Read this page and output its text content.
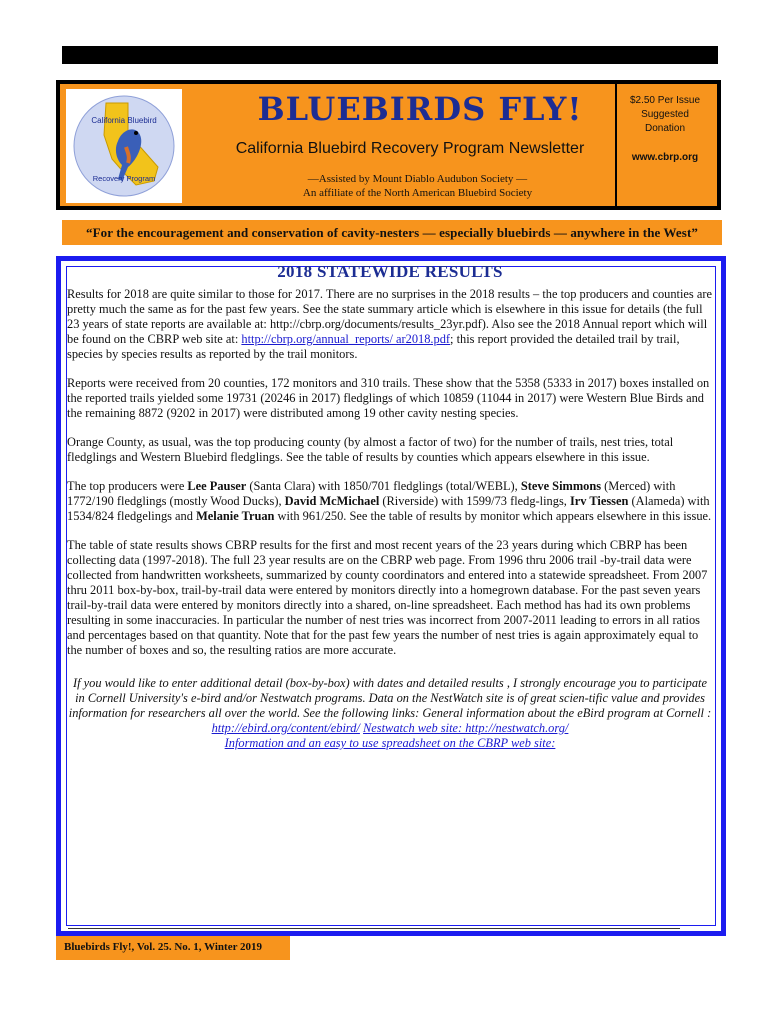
California Bluebird
Recovery Program
BLUEBIRDS FLY!
California Bluebird Recovery Program Newsletter
—Assisted by Mount Diablo Audubon Society —
An affiliate of the North American Bluebird Society
$2.50 Per Issue
Suggested
Donation
www.cbrp.org
“For the encouragement and conservation of cavity-nesters — especially bluebirds — anywhere in the West”
2018 STATEWIDE RESULTS

Results for 2018 are quite similar to those for 2017. There are no surprises in the 2018 results – the top producers and counties are pretty much the same as for the past few years. See the state summary article which is elsewhere in this issue for details (the full 23 years of state reports are available at: http://cbrp.org/documents/results_23yr.pdf). Also see the 2018 Annual report which will be found on the CBRP web site at: http://cbrp.org/annual_reports/ ar2018.pdf; this report provided the detailed trail by trail, species by species results as reported by the trail monitors.

Reports were received from 20 counties, 172 monitors and 310 trails. These show that the 5358 (5333 in 2017) boxes installed on the reported trails yielded some 19731 (20246 in 2017) fledglings of which 10859 (11044 in 2017) were Western Blue Birds and the remaining 8872 (9202 in 2017) were distributed among 19 other cavity nesting species.

Orange County, as usual, was the top producing county (by almost a factor of two) for the number of trails, nest tries, total fledglings and Western Bluebird fledglings. See the table of results by counties which appears elsewhere in this issue.

The top producers were Lee Pauser (Santa Clara) with 1850/701 fledglings (total/WEBL), Steve Simmons (Merced) with 1772/190 fledglings (mostly Wood Ducks), David McMichael (Riverside) with 1599/73 fledg-lings, Irv Tiessen (Alameda) with 1534/824 fledgelings and Melanie Truan with 961/250. See the table of results by monitor which appears elsewhere in this issue.

The table of state results shows CBRP results for the first and most recent years of the 23 years during which CBRP has been collecting data (1997-2018). The full 23 year results are on the CBRP web page. From 1996 thru 2006 trail -by-trail data were collected from handwritten worksheets, summarized by county coordinators and entered into a statewide spreadsheet. From 2007 thru 2011 box-by-box, trail-by-trail data were entered by monitors directly into a homegrown database. For the past seven years trail-by-trail data were entered by monitors directly into a shared, on-line spreadsheet. Each method has had its own problems resulting in some inaccuracies. In particular the number of nest tries was incorrect from 2007-2011 leading to errors in all ratios and percentages based on that quantity. Note that for the past few years the number of nest tries is again approximately equal to the number of boxes and so, the resulting ratios are more accurate.

If you would like to enter additional detail (box-by-box) with dates and detailed results , I strongly encourage you to participate in Cornell University's e-bird and/or Nestwatch programs. Data on the NestWatch site is of great scien-tific value and provides information for researchers all over the world. See the following links: General information about the eBird program at Cornell : http://ebird.org/content/ebird/ Nestwatch web site: http://nestwatch.org/
Information and an easy to use spreadsheet on the CBRP web site:
Bluebirds Fly!, Vol. 25. No. 1, Winter 2019
